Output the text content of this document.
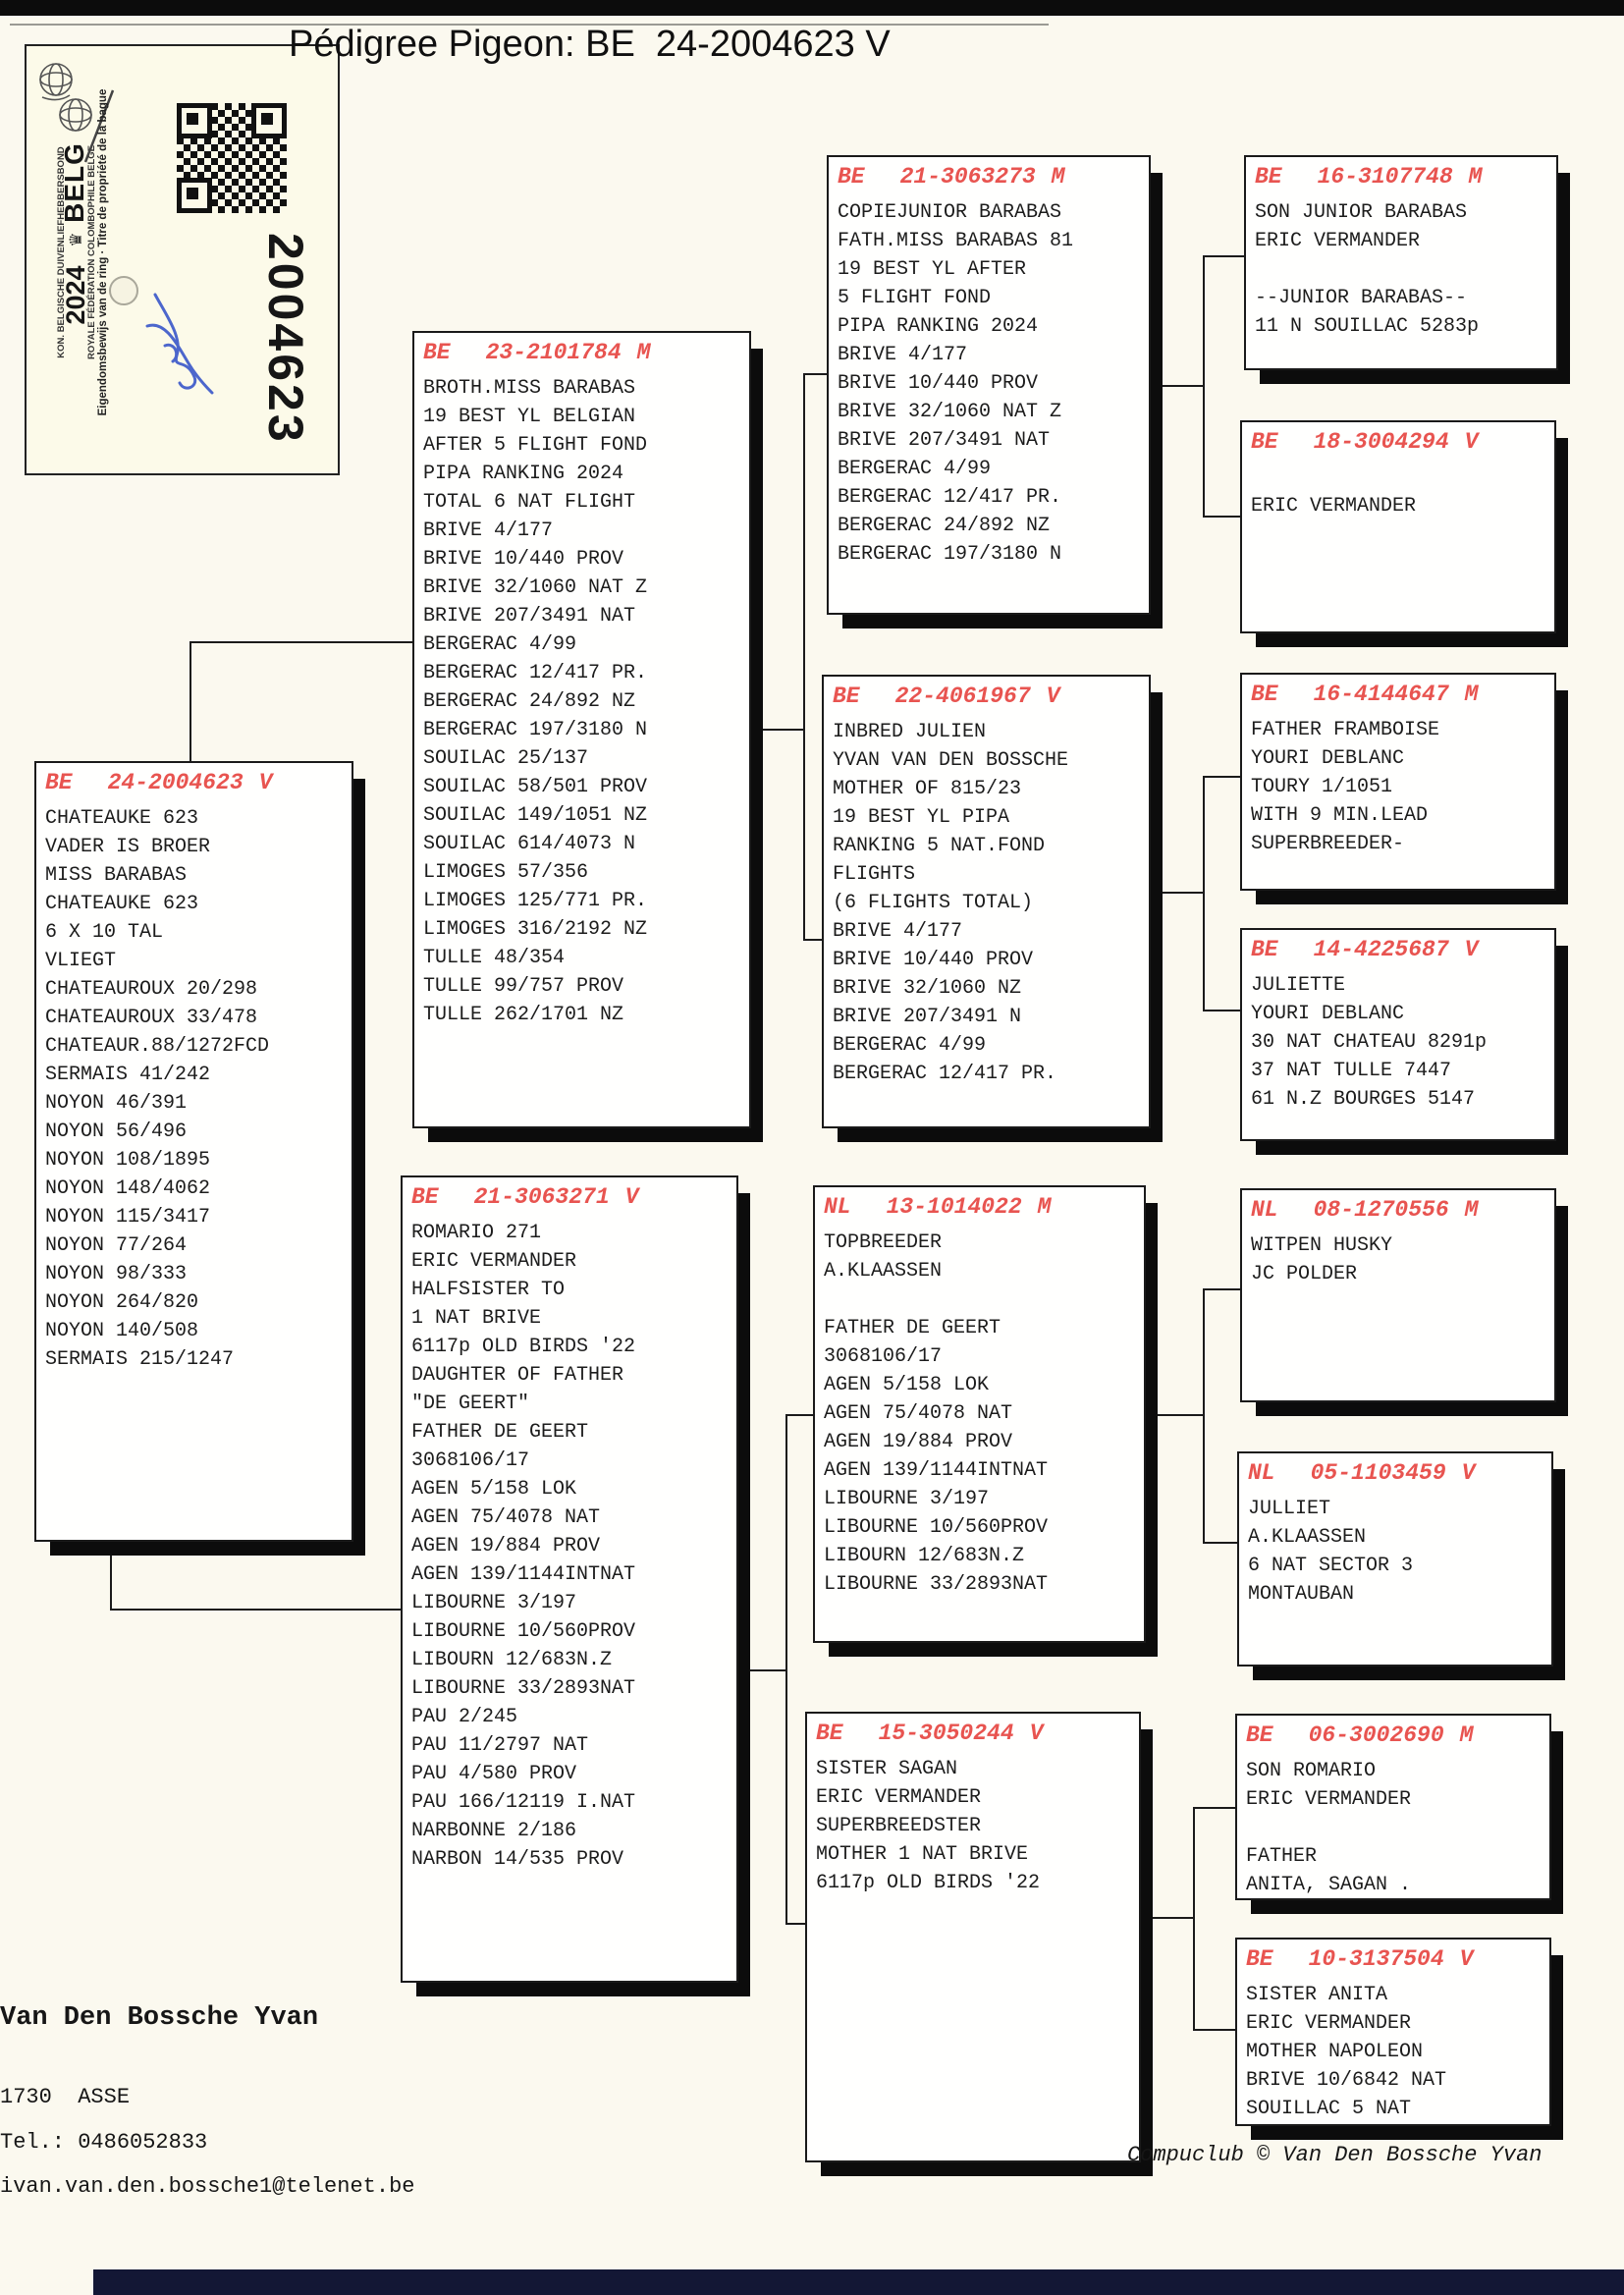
KON. BELGISCHE DUIVENLIEFHEBBERSBOND

ROYALE FÉDÉRATION COLOMBOPHILE BELGE

2024
♛
BELG Eigendomsbewijs van de ring · Titre de propriété de la bague	2004623
Pédigree Pigeon: BE  24-2004623 V
BE 24-2004623 V
CHATEAUKE 623
VADER IS BROER
MISS BARABAS
CHATEAUKE 623
6 X 10 TAL
VLIEGT
CHATEAUROUX 20/298
CHATEAUROUX 33/478
CHATEAUR.88/1272FCD
SERMAIS 41/242
NOYON 46/391
NOYON 56/496
NOYON 108/1895
NOYON 148/4062
NOYON 115/3417
NOYON 77/264
NOYON 98/333
NOYON 264/820
NOYON 140/508
SERMAIS 215/1247
BE 23-2101784 M
BROTH.MISS BARABAS
19 BEST YL BELGIAN
AFTER 5 FLIGHT FOND
PIPA RANKING 2024
TOTAL 6 NAT FLIGHT
BRIVE 4/177
BRIVE 10/440 PROV
BRIVE 32/1060 NAT Z
BRIVE 207/3491 NAT
BERGERAC 4/99
BERGERAC 12/417 PR.
BERGERAC 24/892 NZ
BERGERAC 197/3180 N
SOUILAC 25/137
SOUILAC 58/501 PROV
SOUILAC 149/1051 NZ
SOUILAC 614/4073 N
LIMOGES 57/356
LIMOGES 125/771 PR.
LIMOGES 316/2192 NZ
TULLE 48/354
TULLE 99/757 PROV
TULLE 262/1701 NZ
BE 21-3063271 V
ROMARIO 271
ERIC VERMANDER
HALFSISTER TO
1 NAT BRIVE
6117p OLD BIRDS '22
DAUGHTER OF FATHER
"DE GEERT"
FATHER DE GEERT
3068106/17
AGEN 5/158 LOK
AGEN 75/4078 NAT
AGEN 19/884 PROV
AGEN 139/1144INTNAT
LIBOURNE 3/197
LIBOURNE 10/560PROV
LIBOURN 12/683N.Z
LIBOURNE 33/2893NAT
PAU 2/245
PAU 11/2797 NAT
PAU 4/580 PROV
PAU 166/12119 I.NAT
NARBONNE 2/186
NARBON 14/535 PROV
BE 21-3063273 M
COPIEJUNIOR BARABAS
FATH.MISS BARABAS 81
19 BEST YL AFTER
5 FLIGHT FOND
PIPA RANKING 2024
BRIVE 4/177
BRIVE 10/440 PROV
BRIVE 32/1060 NAT Z
BRIVE 207/3491 NAT
BERGERAC 4/99
BERGERAC 12/417 PR.
BERGERAC 24/892 NZ
BERGERAC 197/3180 N
BE 22-4061967 V
INBRED JULIEN
YVAN VAN DEN BOSSCHE
MOTHER OF 815/23
19 BEST YL PIPA
RANKING 5 NAT.FOND
FLIGHTS
(6 FLIGHTS TOTAL)
BRIVE 4/177
BRIVE 10/440 PROV
BRIVE 32/1060 NZ
BRIVE 207/3491 N
BERGERAC 4/99
BERGERAC 12/417 PR.
NL 13-1014022 M
TOPBREEDER
A.KLAASSEN

FATHER DE GEERT
3068106/17
AGEN 5/158 LOK
AGEN 75/4078 NAT
AGEN 19/884 PROV
AGEN 139/1144INTNAT
LIBOURNE 3/197
LIBOURNE 10/560PROV
LIBOURN 12/683N.Z
LIBOURNE 33/2893NAT
BE 15-3050244 V
SISTER SAGAN
ERIC VERMANDER
SUPERBREEDSTER
MOTHER 1 NAT BRIVE
6117p OLD BIRDS '22
BE 16-3107748 M
SON JUNIOR BARABAS
ERIC VERMANDER

--JUNIOR BARABAS--
11 N SOUILLAC 5283p
BE 18-3004294 V

ERIC VERMANDER
BE 16-4144647 M
FATHER FRAMBOISE
YOURI DEBLANC
TOURY 1/1051
WITH 9 MIN.LEAD
SUPERBREEDER-
BE 14-4225687 V
JULIETTE
YOURI DEBLANC
30 NAT CHATEAU 8291p
37 NAT TULLE 7447
61 N.Z BOURGES 5147
NL 08-1270556 M
WITPEN HUSKY
JC POLDER
NL 05-1103459 V
JULLIET
A.KLAASSEN
6 NAT SECTOR 3
MONTAUBAN
BE 06-3002690 M
SON ROMARIO
ERIC VERMANDER

FATHER
ANITA, SAGAN .
BE 10-3137504 V
SISTER ANITA
ERIC VERMANDER
MOTHER NAPOLEON
BRIVE 10/6842 NAT
SOUILLAC 5 NAT
Van Den Bossche Yvan
1730  ASSE
Tel.: 0486052833
ivan.van.den.bossche1@telenet.be
Compuclub © Van Den Bossche Yvan
